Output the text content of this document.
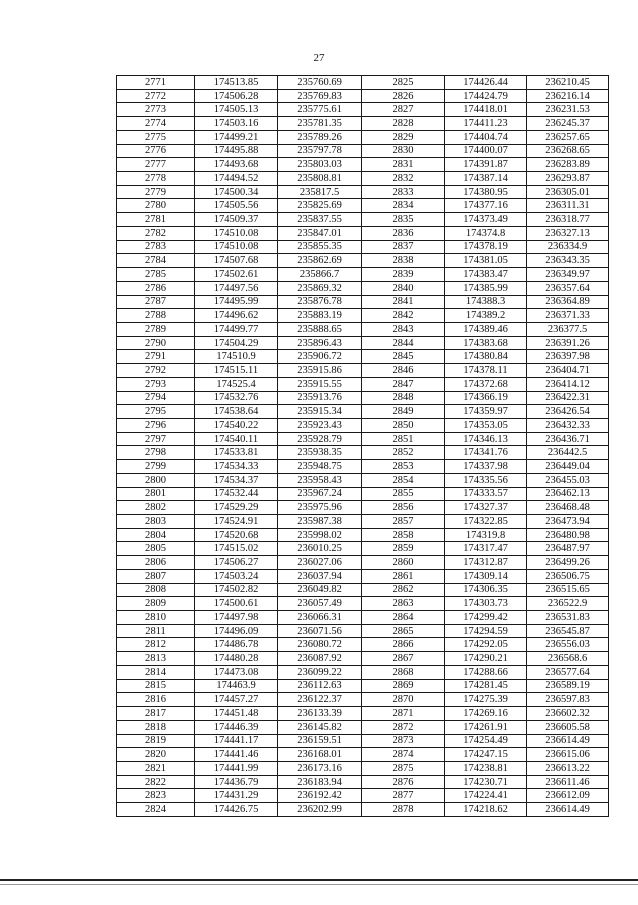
27
2771	174513.85	235760.69	2825	174426.44	236210.45
2772	174506.28	235769.83	2826	174424.79	236216.14
2773	174505.13	235775.61	2827	174418.01	236231.53
2774	174503.16	235781.35	2828	174411.23	236245.37
2775	174499.21	235789.26	2829	174404.74	236257.65
2776	174495.88	235797.78	2830	174400.07	236268.65
2777	174493.68	235803.03	2831	174391.87	236283.89
2778	174494.52	235808.81	2832	174387.14	236293.87
2779	174500.34	235817.5	2833	174380.95	236305.01
2780	174505.56	235825.69	2834	174377.16	236311.31
2781	174509.37	235837.55	2835	174373.49	236318.77
2782	174510.08	235847.01	2836	174374.8	236327.13
2783	174510.08	235855.35	2837	174378.19	236334.9
2784	174507.68	235862.69	2838	174381.05	236343.35
2785	174502.61	235866.7	2839	174383.47	236349.97
2786	174497.56	235869.32	2840	174385.99	236357.64
2787	174495.99	235876.78	2841	174388.3	236364.89
2788	174496.62	235883.19	2842	174389.2	236371.33
2789	174499.77	235888.65	2843	174389.46	236377.5
2790	174504.29	235896.43	2844	174383.68	236391.26
2791	174510.9	235906.72	2845	174380.84	236397.98
2792	174515.11	235915.86	2846	174378.11	236404.71
2793	174525.4	235915.55	2847	174372.68	236414.12
2794	174532.76	235913.76	2848	174366.19	236422.31
2795	174538.64	235915.34	2849	174359.97	236426.54
2796	174540.22	235923.43	2850	174353.05	236432.33
2797	174540.11	235928.79	2851	174346.13	236436.71
2798	174533.81	235938.35	2852	174341.76	236442.5
2799	174534.33	235948.75	2853	174337.98	236449.04
2800	174534.37	235958.43	2854	174335.56	236455.03
2801	174532.44	235967.24	2855	174333.57	236462.13
2802	174529.29	235975.96	2856	174327.37	236468.48
2803	174524.91	235987.38	2857	174322.85	236473.94
2804	174520.68	235998.02	2858	174319.8	236480.98
2805	174515.02	236010.25	2859	174317.47	236487.97
2806	174506.27	236027.06	2860	174312.87	236499.26
2807	174503.24	236037.94	2861	174309.14	236506.75
2808	174502.82	236049.82	2862	174306.35	236515.65
2809	174500.61	236057.49	2863	174303.73	236522.9
2810	174497.98	236066.31	2864	174299.42	236531.83
2811	174496.09	236071.56	2865	174294.59	236545.87
2812	174486.78	236080.72	2866	174292.05	236556.03
2813	174480.28	236087.92	2867	174290.21	236568.6
2814	174473.08	236099.22	2868	174288.66	236577.64
2815	174463.9	236112.63	2869	174281.45	236589.19
2816	174457.27	236122.37	2870	174275.39	236597.83
2817	174451.48	236133.39	2871	174269.16	236602.32
2818	174446.39	236145.82	2872	174261.91	236605.58
2819	174441.17	236159.51	2873	174254.49	236614.49
2820	174441.46	236168.01	2874	174247.15	236615.06
2821	174441.99	236173.16	2875	174238.81	236613.22
2822	174436.79	236183.94	2876	174230.71	236611.46
2823	174431.29	236192.42	2877	174224.41	236612.09
2824	174426.75	236202.99	2878	174218.62	236614.49
